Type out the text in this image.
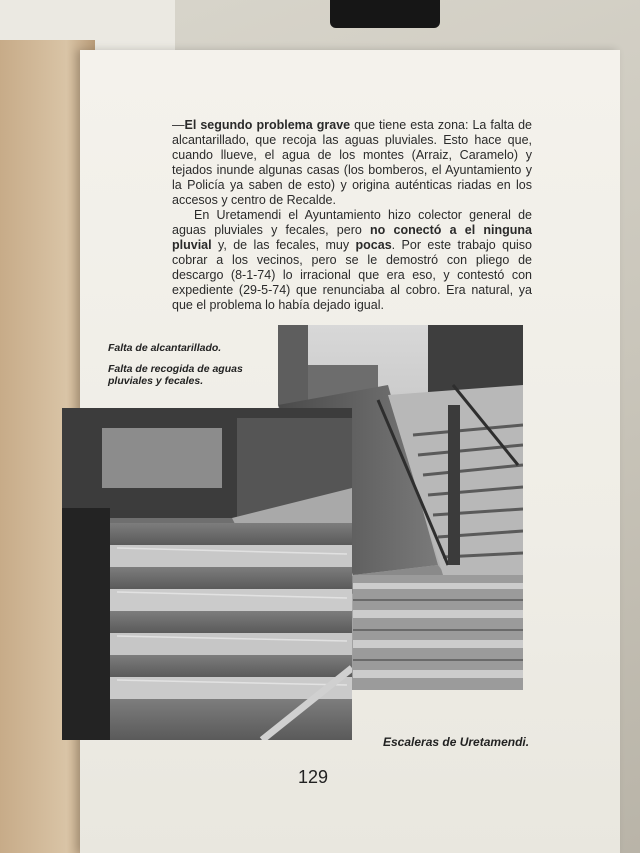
—El segundo problema grave que tiene esta zona: La falta de alcantarillado, que recoja las aguas pluviales. Esto hace que, cuando llueve, el agua de los montes (Arraiz, Caramelo) y tejados inunde algunas casas (los bomberos, el Ayuntamiento y la Policía ya saben de esto) y origina auténticas riadas en los accesos y centro de Recalde.

En Uretamendi el Ayuntamiento hizo colector general de aguas pluviales y fecales, pero no conectó a el ninguna pluvial y, de las fecales, muy pocas. Por este trabajo quiso cobrar a los vecinos, pero se le demostró con pliego de descargo (8-1-74) lo irracional que era eso, y contestó con expediente (29-5-74) que renunciaba al cobro. Era natural, ya que el problema lo había dejado igual.

Falta de alcantarillado.
Falta de recogida de aguas pluviales y fecales.
Escaleras de Uretamendi.
129
